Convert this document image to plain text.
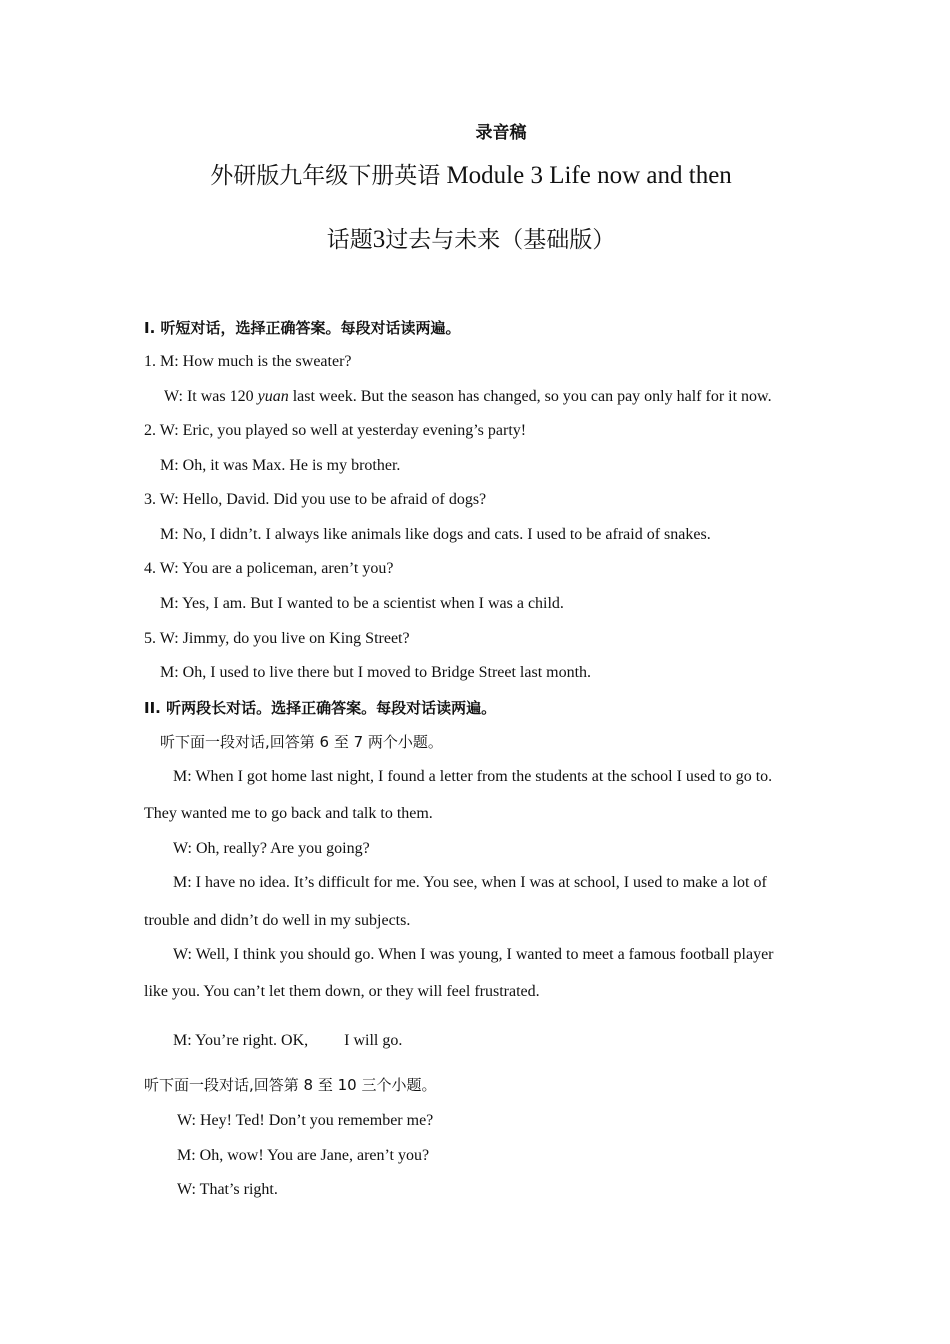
录音稿
外研版九年级下册英语 Module 3 Life now and then
话题3过去与未来（基础版）
I. 听短对话，选择正确答案。每段对话读两遍。
1. M: How much is the sweater?
W: It was 120 yuan last week. But the season has changed, so you can pay only half for it now.
2. W: Eric, you played so well at yesterday evening’s party!
M: Oh, it was Max. He is my brother.
3. W: Hello, David. Did you use to be afraid of dogs?
M: No, I didn’t. I always like animals like dogs and cats. I used to be afraid of snakes.
4. W: You are a policeman, aren’t you?
M: Yes, I am. But I wanted to be a scientist when I was a child.
5. W: Jimmy, do you live on King Street?
M: Oh, I used to live there but I moved to Bridge Street last month.
II. 听两段长对话。选择正确答案。每段对话读两遍。
听下面一段对话,回答第 6 至 7 两个小题。
M: When I got home last night, I found a letter from the students at the school I used to go to.
They wanted me to go back and talk to them.
W: Oh, really? Are you going?
M: I have no idea. It’s difficult for me. You see, when I was at school, I used to make a lot of
trouble and didn’t do well in my subjects.
W: Well, I think you should go. When I was young, I wanted to meet a famous football player
like you. You can’t let them down, or they will feel frustrated.
M: You’re right. OK, I will go.
听下面一段对话,回答第 8 至 10 三个小题。
W: Hey! Ted! Don’t you remember me?
M: Oh, wow! You are Jane, aren’t you?
W: That’s right.
